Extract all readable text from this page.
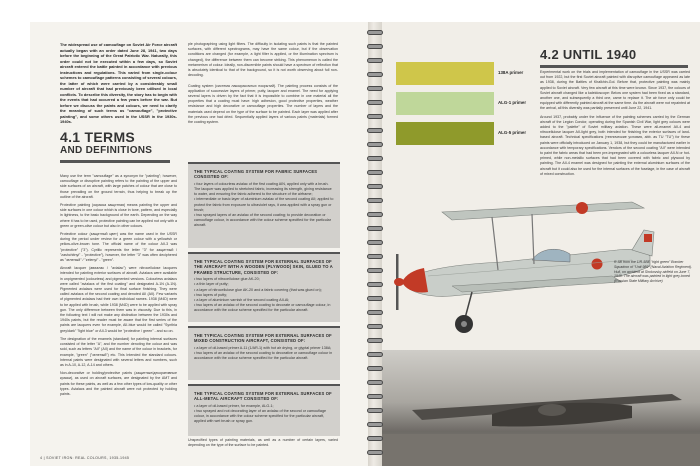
The widespread use of camouflage on Soviet Air Force aircraft actually began with an order dated June 28, 1941, two days before the beginning of the Great Patriotic War. Naturally, this order could not be executed within a few days, so Soviet aircraft entered the battle painted in accordance with previous instructions and regulations. This varied from single-colour schemes to camouflage patterns consisting of several colours, the latter of which were carried by a considerably small number of aircraft that had previously been utilised in local conflicts. To describe this diversity, the story has to begin with the events that had occurred a few years before the war. But before we discuss the paints and colours, we need to clarify the meaning of such terms as "camouflage", "protective painting", and some others used in the USSR in the 1930s-1940s.
4.1 TERMS
AND DEFINITIONS

Many use the term "camouflage" as a synonym for "painting"; however, camouflage or disruptive painting refers to the painting of the upper and side surfaces of an aircraft, with large patches of colour that are close to those prevailing on the ground terrain, thus helping to break up the outline of the aircraft.

Protective painting (окраска защитная) means painting the upper and side surfaces in one colour which is close in tone, pattern, and especially in lightness, to the basic background of the earth. Depending on the way where it has to be used, protective painting can be applied not only with a green or green-olive colour but also in other colours.

Protective colour (защитный цвет) was the name used in the USSR during the period under review for a green colour with a yellowish or yellow-olive-brown tone. The official name of the colour AII-3 was "protective" ("3"). Cyrillic represents the letter "3" for защитный / "zashchitnyi" - "protective"), however, the letter "3" was often deciphered as "зеленый" / "zelenyi" - "green".

Aircraft lacquer (авиалак / "avialac") were nitrocellulose lacquers intended for painting exterior surfaces of aircraft. Avialacs were available in unpigmented (colourless) and pigmented versions. Colourless avialacs were called "avialacs of the first coating" and designated A-1N (A-1N). Pigmented avialacs were used for final surface finishing. They were called avialacs of the second coating and denoted AII (AII). Few variants of pigmented avialacs had their own individual names. 1938 (M4D) were to be applied with brush, while 1938 (M4D) were to be applied with spray gun. The only difference between them was in viscosity. Due to this, in the following text I will not make any distinction between the 1930s and 1940s paints, but the reader must be aware that the first series of the paints are lacquers even for example, AII-blue would be called "Synthia grey/dark" "light blue" or AII-3 would be "protective / green" - and so on.

The designation of the enamels (standard) for painting internal surfaces consisted of the letter "A", and the number denoting the colour and was sold, such as letters "AII" (AII) and the name of the colour in brackets, for example, "green" ("зеленый") etc. This Intended the standard colours. Internal paints were designated with several letters and numbers, such as in A-10, A-12, A-14 and others.

Non-decorative or holding/protective paints (защитные/декоративные краски), as used on aircraft surfaces, are designated by the AMT and paints for these paints, as well as a few other types of low-quality or other types. Avialacs and the painted aircraft were not protected by holding paints.

ple photographing using light filters. The difficulty in isolating such paints is that the painted surfaces, with different spectrograms, may have the same colour, but if the observation conditions are changed (for example, a light filter is applied, or the illumination spectrum is changed), the difference between them can become striking. This phenomenon is called the metamerism of colour. Ideally, non-discernible paints should have a spectrum of reflection that is absolutely identical to that of the background, so it is not worth observing about full non-decoding.

Coating system (система лакокрасочных покрытий). The painting process consists of the application of successive layers of primer, putty, lacquer and enamel. The need for applying several layers is driven by the fact that it is impossible to combine in one material all the properties that a coating must have: high adhesion, good protective properties, weather resistance and high decorative or camouflage properties. The number of layers and the materials used depend on the type of the surface to be painted. Each layer was applied after the previous one had dried. Sequentially applied layers of various paints (materials) formed the coating system.
THE TYPICAL COATING SYSTEM FOR FABRIC SURFACES CONSISTED OF:
• four layers of colourless avialac of the first coating AIN, applied only with a brush. The lacquer was applied to stretched fabric, increasing its strength, giving resistance to water, and ensuring the fabric adhered to the structure of the airframe;
• intermediate or basic layer of aluminium avialac of the second coating AII; applied to protect the fabric from exposure to ultraviolet rays, it was applied with a spray gun or brush;
• two sprayed layers of an avialac of the second coating; to provide decoration or camouflage colour, in accordance with the colour scheme specified for the particular aircraft.
THE TYPICAL COATING SYSTEM FOR EXTERNAL SURFACES OF THE AIRCRAFT WITH A WOODEN (PLYWOOD) SKIN, GLUED TO A FRAMED STRUCTURE, CONSISTED OF:
• two layers of nitrocellulose glue AK-20;
• a thin layer of putty;
• a layer of nitrocellulose glue AK-20 and a fabric covering (that was glued on);
• two layers of putty;
• a layer of aluminium varnish of the second coating AII-Al;
• two layers of an avialac of the second coating to decorate or camouflage colour, in accordance with the colour scheme specified for the particular aircraft.
THE TYPICAL COATING SYSTEM FOR EXTERNAL SURFACES OF MIXED CONSTRUCTION AIRCRAFT, CONSISTED OF:
• a layer of oil-based primer A-11 (1/AR-1) with hot air drying, or glyptal primer 138A;
• two layers of an avialac of the second coating to decorative or camouflage colour in accordance with the colour scheme specified for the particular aircraft.
THE TYPICAL COATING SYSTEM FOR EXTERNAL SURFACES OF ALL-METAL AIRCRAFT CONSISTED OF:
• a layer of oil-based primer, for example, ALG-1;
• two sprayed and not decorating layer of an avialac of the second or camouflage colour, in accordance with the colour scheme specified for the particular aircraft, applied with wet brush or spray gun.
Unspecified types of painting materials, as well as a number of certain layers, varied depending on the type of the surface to be painted.
4 | SOVIET IRON: REAL COLOURS, 1935-1945
138A primer
ALG-1 primer
ALG-5 primer
4.2 UNTIL 1940

Experimental work on the trials and implementation of camouflage in the USSR was carried out from 1922, but the first Soviet aircraft painted with disruptive camouflage appeared as late as 1938, during the Battles of Khalkhin-Gol. Before that, protective painting was mainly applied to Soviet aircraft. Very few aircraft at this time were known. Since 1937, the colours of Soviet aircraft changed like a kaleidoscope: Below one system had been fixed as a standard, another one, and subsequently a third one, came to replace it. The air force only could be equipped with differently painted aircraft at the same time. As the aircraft were not repainted at the arrival, all this diversity was partially preserved until June 22, 1941.

Around 1937, probably under the influence of the painting schemes carried by the German aircraft of the Legion Condor, operating during the Spanish Civil War, light grey colours were added to the "palette" of Soviet military aviation. These were all-enamel AII-4 and nitrocellulose lacquer AII-light grey, both intended for finishing the exterior surfaces of land-based aircraft. Technical specifications (технические условия, abb. as TU "TU") for these paints were officially introduced on January 1, 1938, but they could be manufactured earlier in accordance with temporary specifications. Vendors of the second coating "AII" were intended to paint the fabric areas that had been pre-impregnated with a colourless lacquer AII-N or hot-primed, while non-metallic surfaces that had been covered with fabric and plywood by painting. The AII-4 enamel was designed for painting the external aluminium surfaces of the aircraft but it could also be used for the internal surfaces of the fuselage, in the case of aircraft of mixed construction.

R-5B from the 1/R-5BE "right green" Bomber Squadron of "Unit 989" (Naval Aviation Regiment). Hull, on accident at Shokovsky airfield on June 7, 1940. The aircraft was painted in light grey-toned (Russian State Military Archive)
